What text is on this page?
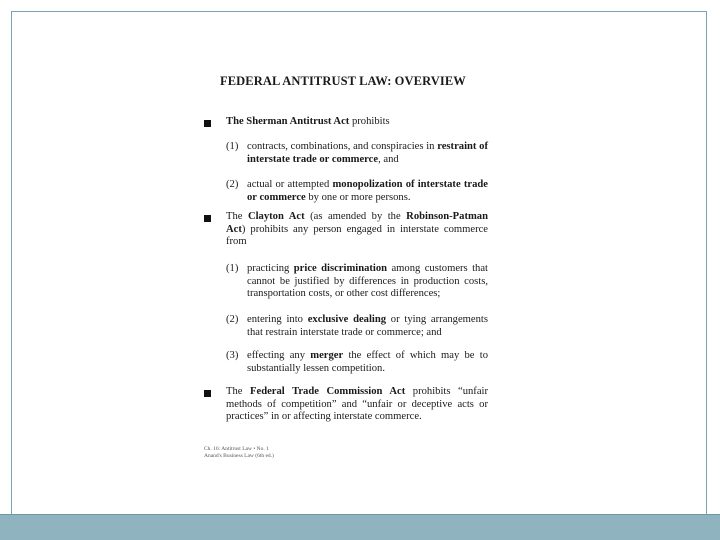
FEDERAL ANTITRUST LAW: OVERVIEW
The Sherman Antitrust Act prohibits
(1) contracts, combinations, and conspiracies in restraint of interstate trade or commerce, and
(2) actual or attempted monopolization of interstate trade or commerce by one or more persons.
The Clayton Act (as amended by the Robinson-Patman Act) prohibits any person engaged in interstate commerce from
(1) practicing price discrimination among customers that cannot be justified by differences in production costs, transportation costs, or other cost differences;
(2) entering into exclusive dealing or tying arrangements that restrain interstate trade or commerce; and
(3) effecting any merger the effect of which may be to substantially lessen competition.
The Federal Trade Commission Act prohibits “unfair methods of competition” and “unfair or deceptive acts or practices” in or affecting interstate commerce.
Ch. 16: Antitrust Law • No. 1
Anand's Business Law (6th ed.)
